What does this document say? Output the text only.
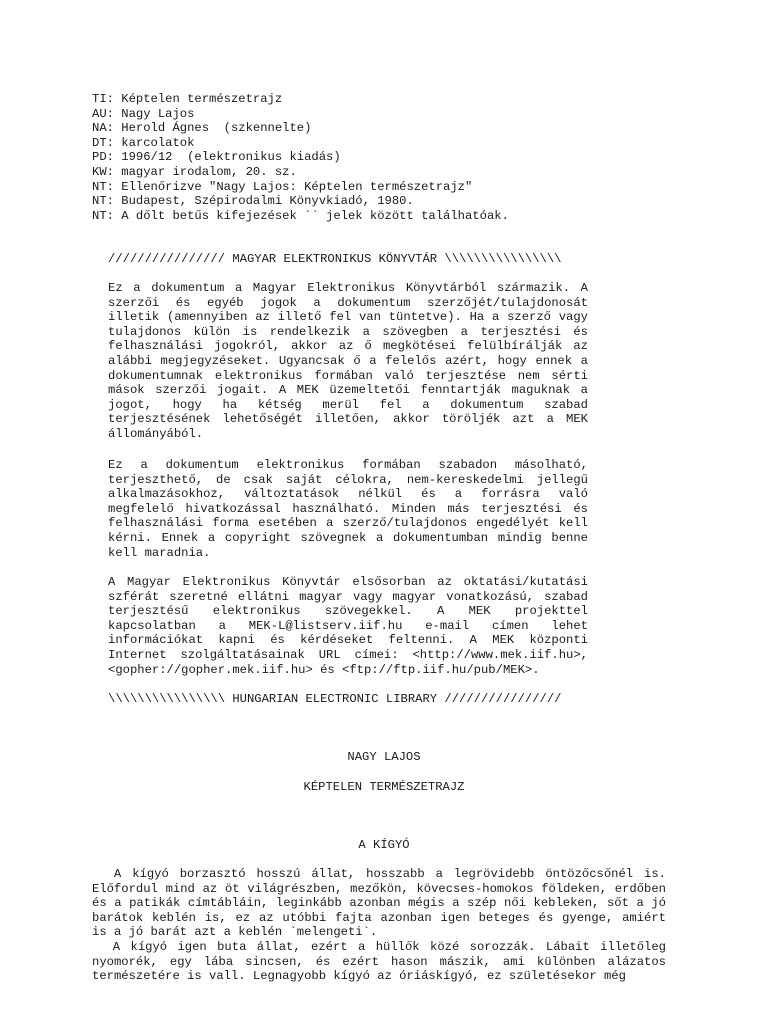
TI: Képtelen természetrajz
AU: Nagy Lajos
NA: Herold Ágnes  (szkennelte)
DT: karcolatok
PD: 1996/12  (elektronikus kiadás)
KW: magyar irodalom, 20. sz.
NT: Ellenőrizve "Nagy Lajos: Képtelen természetrajz"
NT: Budapest, Szépirodalmi Könyvkiadó, 1980.
NT: A dőlt betűs kifejezések `` jelek között találhatóak.
//////////////// MAGYAR ELEKTRONIKUS KÖNYVTÁR \\\\\\\\\\\\\\\\

Ez a dokumentum a Magyar Elektronikus Könyvtárból származik. A szerzői és egyéb jogok a dokumentum szerzőjét/tulajdonosát illetik (amennyiben az illető fel van tüntetve). Ha a szerző vagy tulajdonos külön is rendelkezik a szövegben a terjesztési és felhasználási jogokról, akkor az ő megkötései felülbírálják az alábbi megjegyzéseket. Ugyancsak ő a felelős azért, hogy ennek a dokumentumnak elektronikus formában való terjesztése nem sérti mások szerzői jogait. A MEK üzemeltetői fenntartják maguknak a jogot, hogy ha kétség merül fel a dokumentum szabad terjesztésének lehetőségét illetően, akkor töröljék azt a MEK állományából.

Ez a dokumentum elektronikus formában szabadon másolható, terjeszthető, de csak saját célokra, nem-kereskedelmi jellegű alkalmazásokhoz, változtatások nélkül és a forrásra való megfelelő hivatkozással használható. Minden más terjesztési és felhasználási forma esetében a szerző/tulajdonos engedélyét kell kérni. Ennek a copyright szövegnek a dokumentumban mindig benne kell maradnia.

A Magyar Elektronikus Könyvtár elsősorban az oktatási/kutatási szférát szeretné ellátni magyar vagy magyar vonatkozású, szabad terjesztésű elektronikus szövegekkel. A MEK projekttel kapcsolatban a MEK-L@listserv.iif.hu e-mail címen lehet információkat kapni és kérdéseket feltenni. A MEK központi Internet szolgáltatásainak URL címei: <http://www.mek.iif.hu>, <gopher://gopher.mek.iif.hu> és <ftp://ftp.iif.hu/pub/MEK>.

\\\\\\\\\\\\\\\\ HUNGARIAN ELECTRONIC LIBRARY ////////////////
NAGY LAJOS
KÉPTELEN TERMÉSZETRAJZ
A KÍGYÓ

A kígyó borzasztó hosszú állat, hosszabb a legrövidebb öntözőcsőnél is. Előfordul mind az öt világrészben, mezőkön, kövecses-homokos földeken, erdőben és a patikák címtábláin, leginkább azonban mégis a szép női kebleken, sőt a jó barátok keblén is, ez az utóbbi fajta azonban igen beteges és gyenge, amiért is a jó barát azt a keblén `melengeti`.

A kígyó igen buta állat, ezért a hüllők közé sorozzák. Lábait illetőleg nyomorék, egy lába sincsen, és ezért hason mászik, ami különben alázatos természetére is vall. Legnagyobb kígyó az óriáskígyó, ez születésekor még
